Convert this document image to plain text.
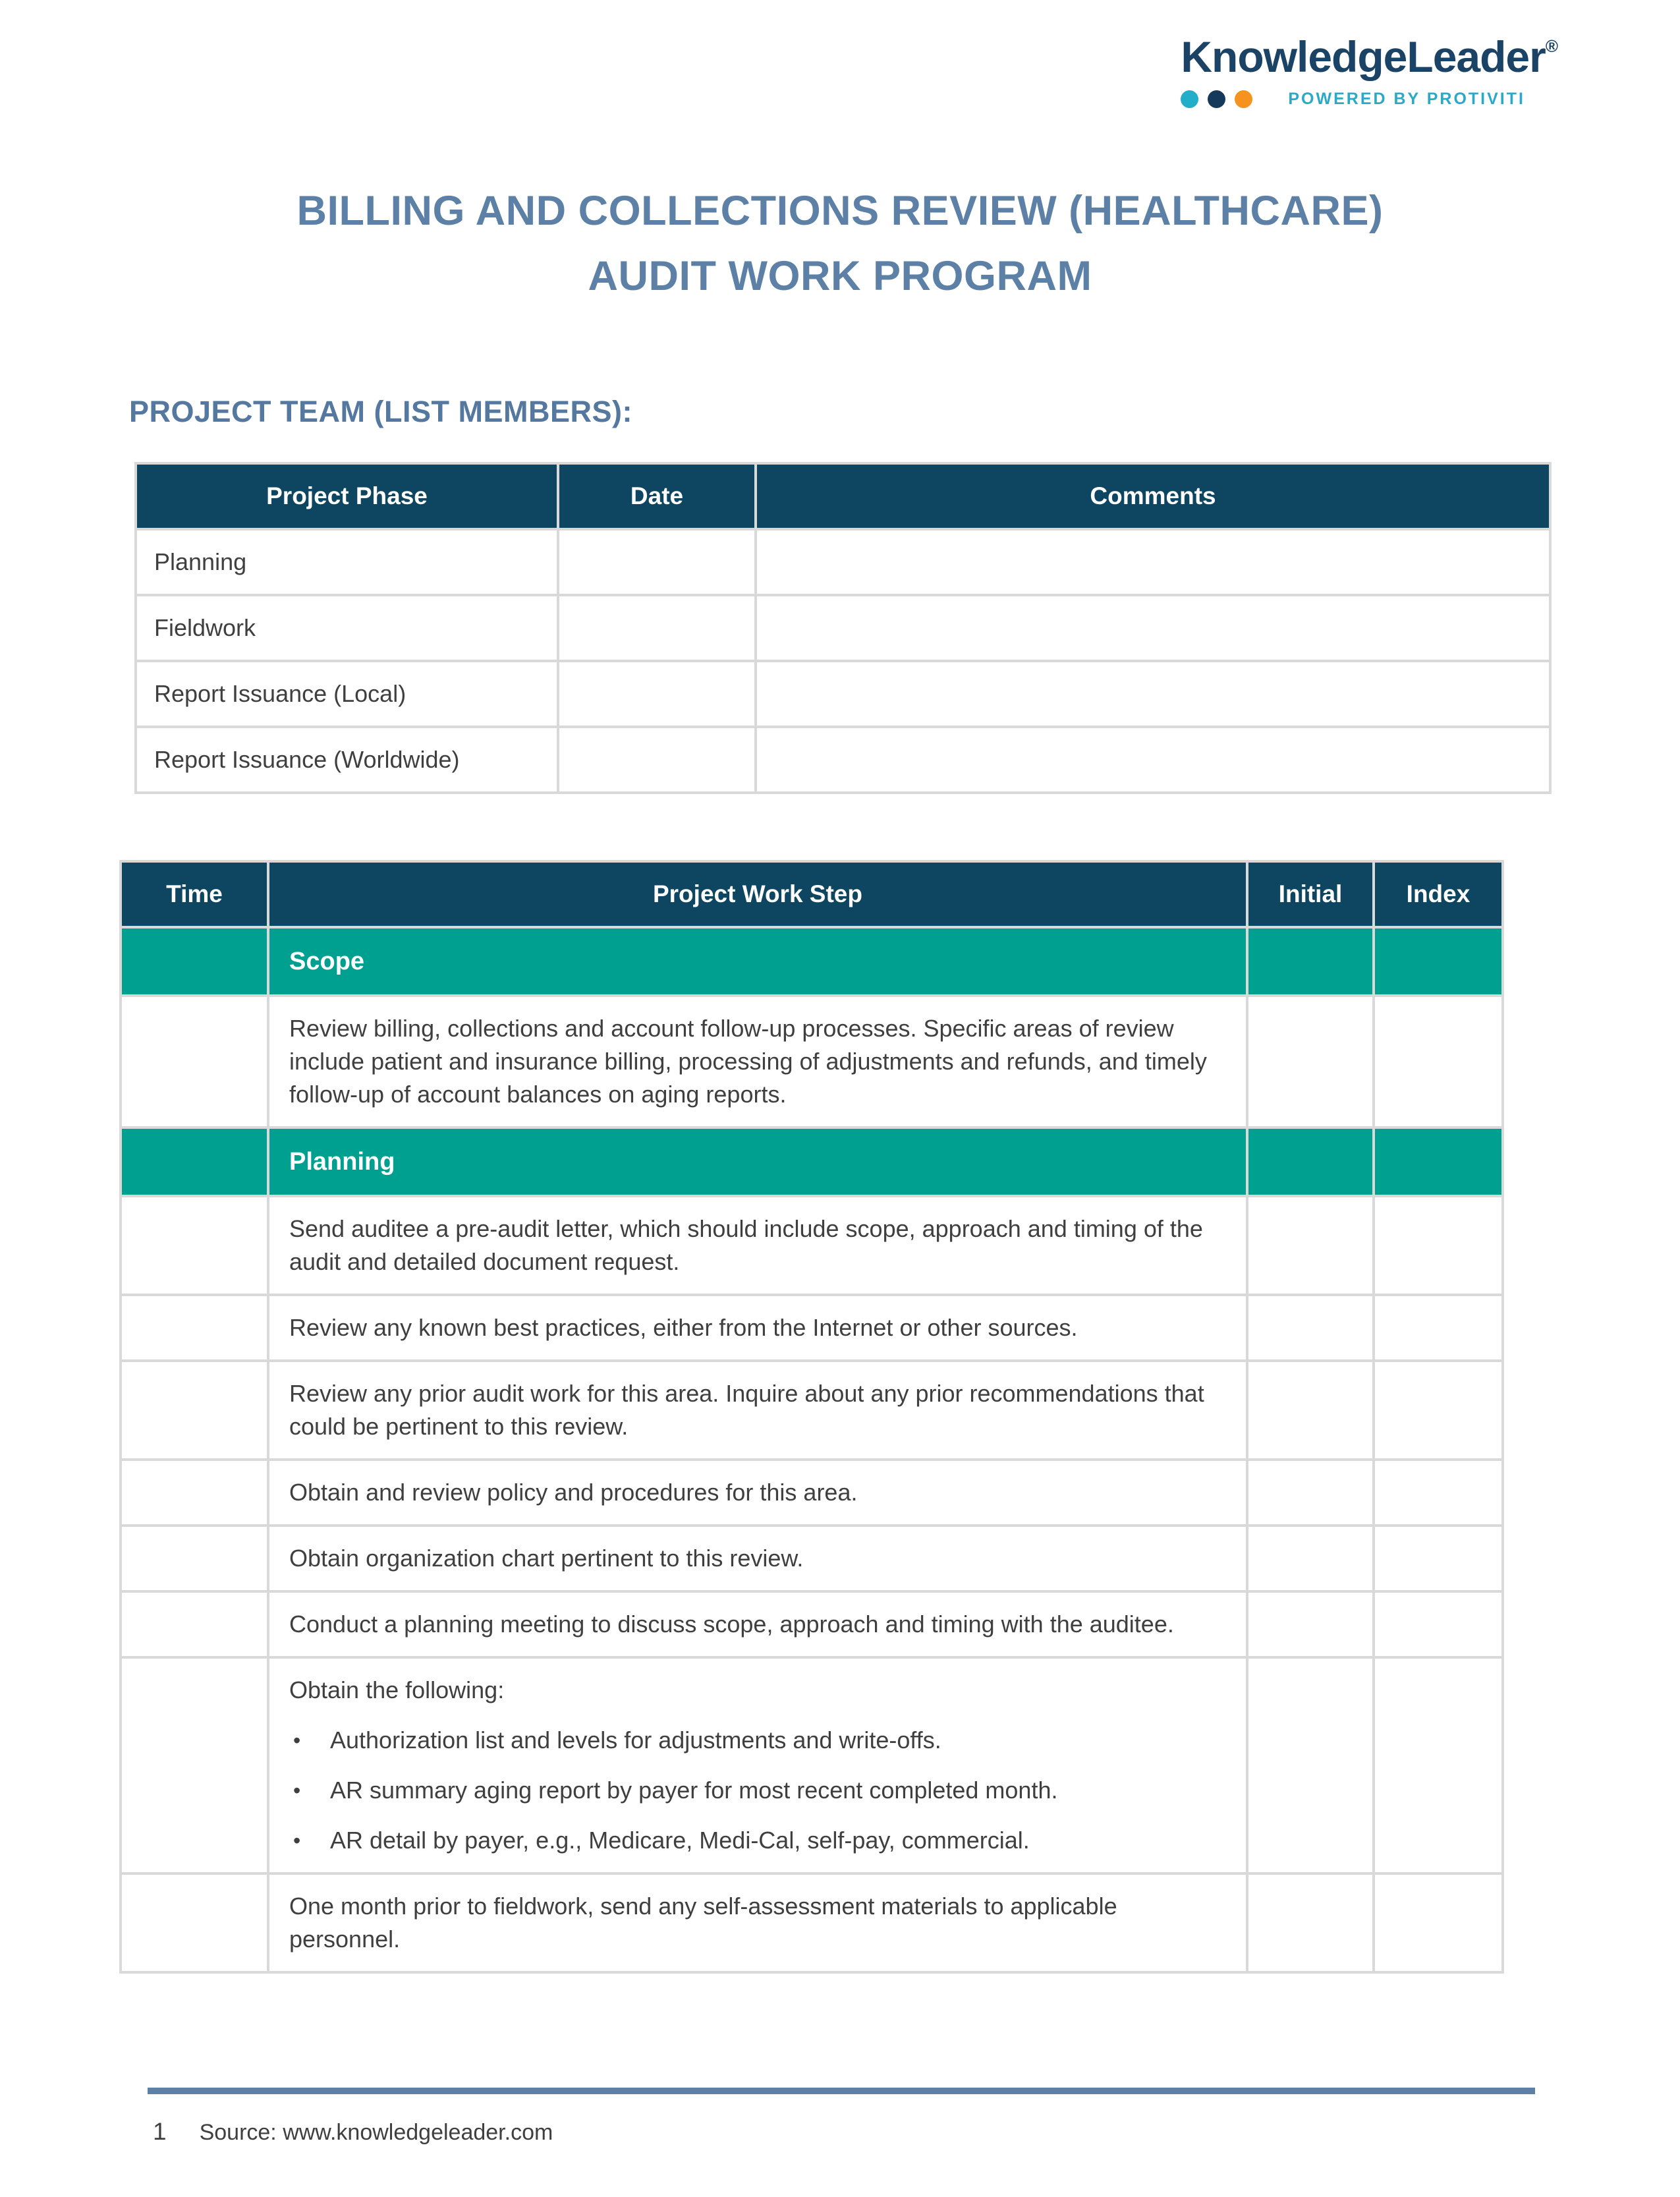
KnowledgeLeader®
POWERED BY PROTIVITI
BILLING AND COLLECTIONS REVIEW (HEALTHCARE)
AUDIT WORK PROGRAM
PROJECT TEAM (LIST MEMBERS):
Project Phase	Date	Comments
Planning		
Fieldwork		
Report Issuance (Local)		
Report Issuance (Worldwide)		
Time	Project Work Step	Initial	Index
	Scope		
	Review billing, collections and account follow-up processes. Specific areas of review include patient and insurance billing, processing of adjustments and refunds, and timely follow-up of account balances on aging reports.		
	Planning		
	Send auditee a pre-audit letter, which should include scope, approach and timing of the audit and detailed document request.		
	Review any known best practices, either from the Internet or other sources.		
	Review any prior audit work for this area. Inquire about any prior recommendations that could be pertinent to this review.		
	Obtain and review policy and procedures for this area.		
	Obtain organization chart pertinent to this review.		
	Conduct a planning meeting to discuss scope, approach and timing with the auditee.		

Obtain the following:
•	Authorization list and levels for adjustments and write-offs.
•	AR summary aging report by payer for most recent completed month.
•	AR detail by payer, e.g., Medicare, Medi-Cal, self-pay, commercial.

	One month prior to fieldwork, send any self-assessment materials to applicable personnel.		
1 Source: www.knowledgeleader.com
